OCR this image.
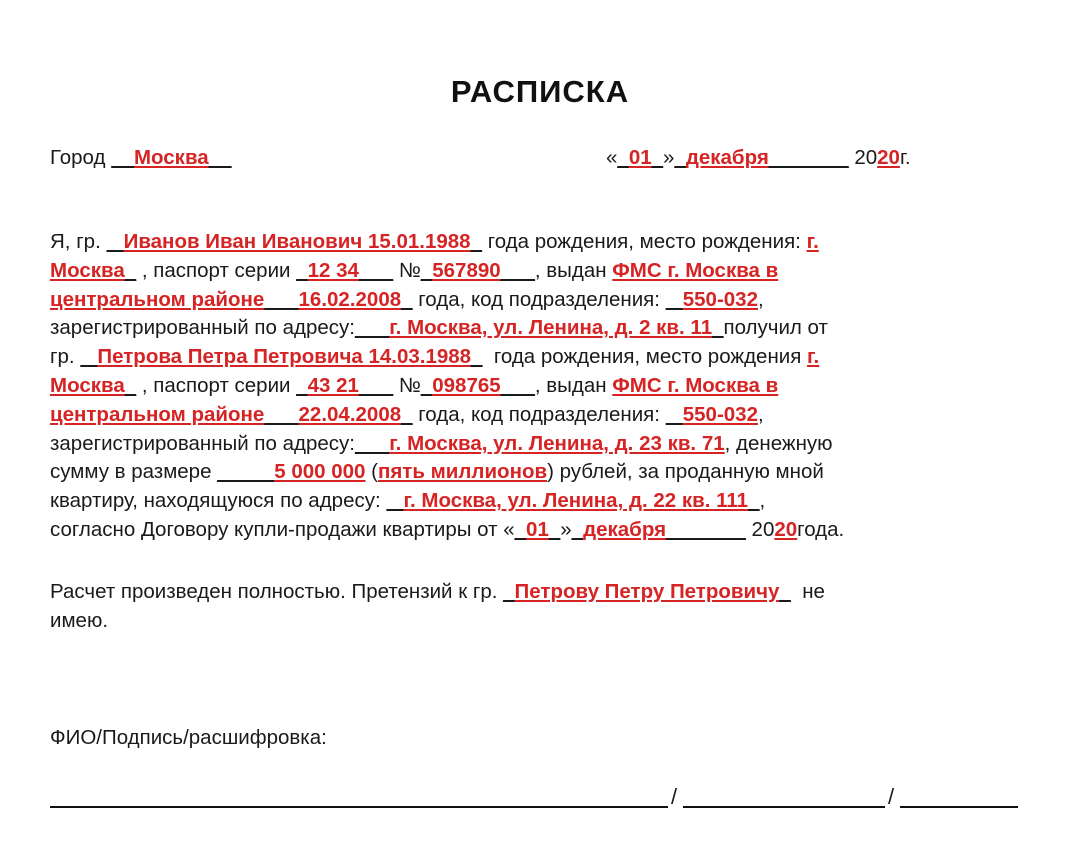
РАСПИСКА
Город   _Москва__	«_01_»_декабря_______ 2020г.
Я, гр.  _Иванов Иван Иванович 15.01.1988_ года рождения, место рождения: г.
Москва_ , паспорт серии _12 34___ №_567890___, выдан ФМС г. Москва в
центральном районе___16.02.2008_ года, код подразделения:  _550-032,
зарегистрированный по адресу:___г. Москва, ул. Ленина, д. 2 кв. 11_получил от
гр.  _Петрова Петра Петровича 14.03.1988_ года рождения, место рождения г.
Москва_ , паспорт серии _43 21___ №_098765___, выдан ФМС г. Москва в
центральном районе___22.04.2008_ года, код подразделения:  _550-032,
зарегистрированный по адресу:___г. Москва, ул. Ленина, д. 23 кв. 71, денежную
сумму в размере _____5 000 000 (пять миллионов) рублей, за проданную мной
квартиру, находящуюся по адресу:  _г. Москва, ул. Ленина, д. 22 кв. 111_,
согласно Договору купли-продажи квартиры от «_01_»_декабря_______ 2020года.
Расчет произведен полностью. Претензий к гр. _Петрову Петру Петровичу_ не
имею.
ФИО/Подпись/расшифровка:
/	/
